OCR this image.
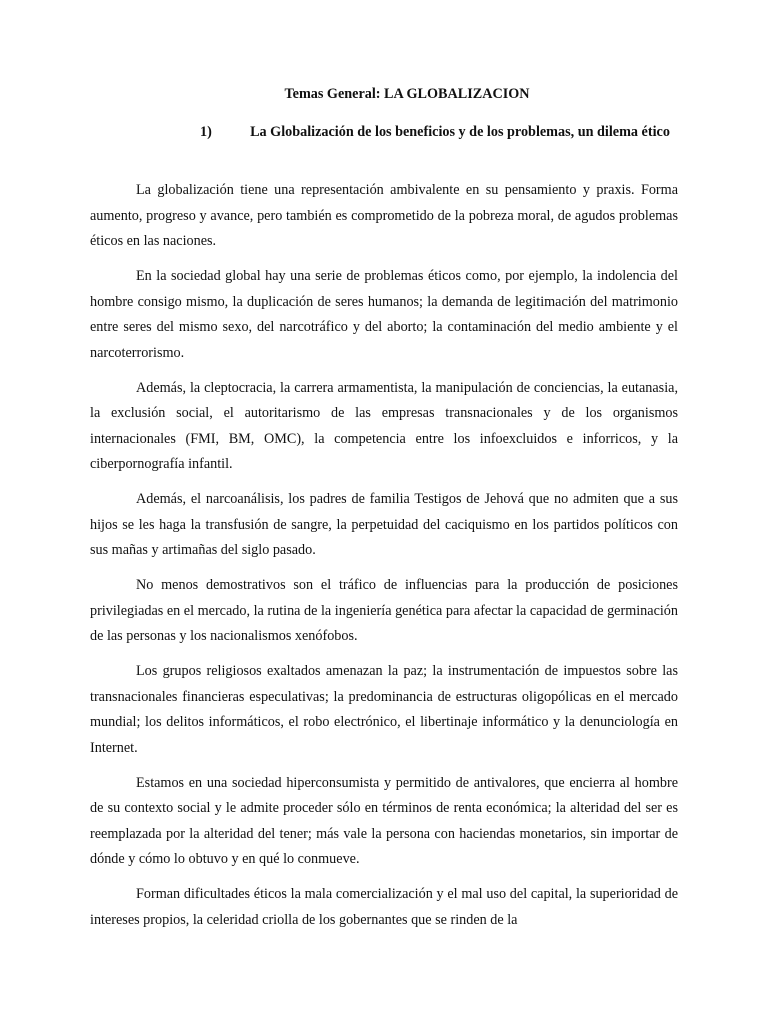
Temas General: LA GLOBALIZACION
1)	La Globalización de los beneficios y de los problemas, un dilema ético

La globalización tiene una representación ambivalente en su pensamiento y praxis. Forma aumento, progreso y avance, pero también es comprometido de la pobreza moral, de agudos problemas éticos en las naciones.

En la sociedad global hay una serie de problemas éticos como, por ejemplo, la indolencia del hombre consigo mismo, la duplicación de seres humanos; la demanda de legitimación del matrimonio entre seres del mismo sexo, del narcotráfico y del aborto; la contaminación del medio ambiente y el narcoterrorismo.

Además, la cleptocracia, la carrera armamentista, la manipulación de conciencias, la eutanasia, la exclusión social, el autoritarismo de las empresas transnacionales y de los organismos internacionales (FMI, BM, OMC), la competencia entre los infoexcluidos e inforricos, y la ciberpornografía infantil.

Además, el narcoanálisis, los padres de familia Testigos de Jehová que no admiten que a sus hijos se les haga la transfusión de sangre, la perpetuidad del caciquismo en los partidos políticos con sus mañas y artimañas del siglo pasado.

No menos demostrativos son el tráfico de influencias para la producción de posiciones privilegiadas en el mercado, la rutina de la ingeniería genética para afectar la capacidad de germinación de las personas y los nacionalismos xenófobos.

Los grupos religiosos exaltados amenazan la paz; la instrumentación de impuestos sobre las transnacionales financieras especulativas; la predominancia de estructuras oligopólicas en el mercado mundial; los delitos informáticos, el robo electrónico, el libertinaje informático y la denunciología en Internet.

Estamos en una sociedad hiperconsumista y permitido de antivalores, que encierra al hombre de su contexto social y le admite proceder sólo en términos de renta económica; la alteridad del ser es reemplazada por la alteridad del tener; más vale la persona con haciendas monetarios, sin importar de dónde y cómo lo obtuvo y en qué lo conmueve.

Forman dificultades éticos la mala comercialización y el mal uso del capital, la superioridad de intereses propios, la celeridad criolla de los gobernantes que se rinden de la
